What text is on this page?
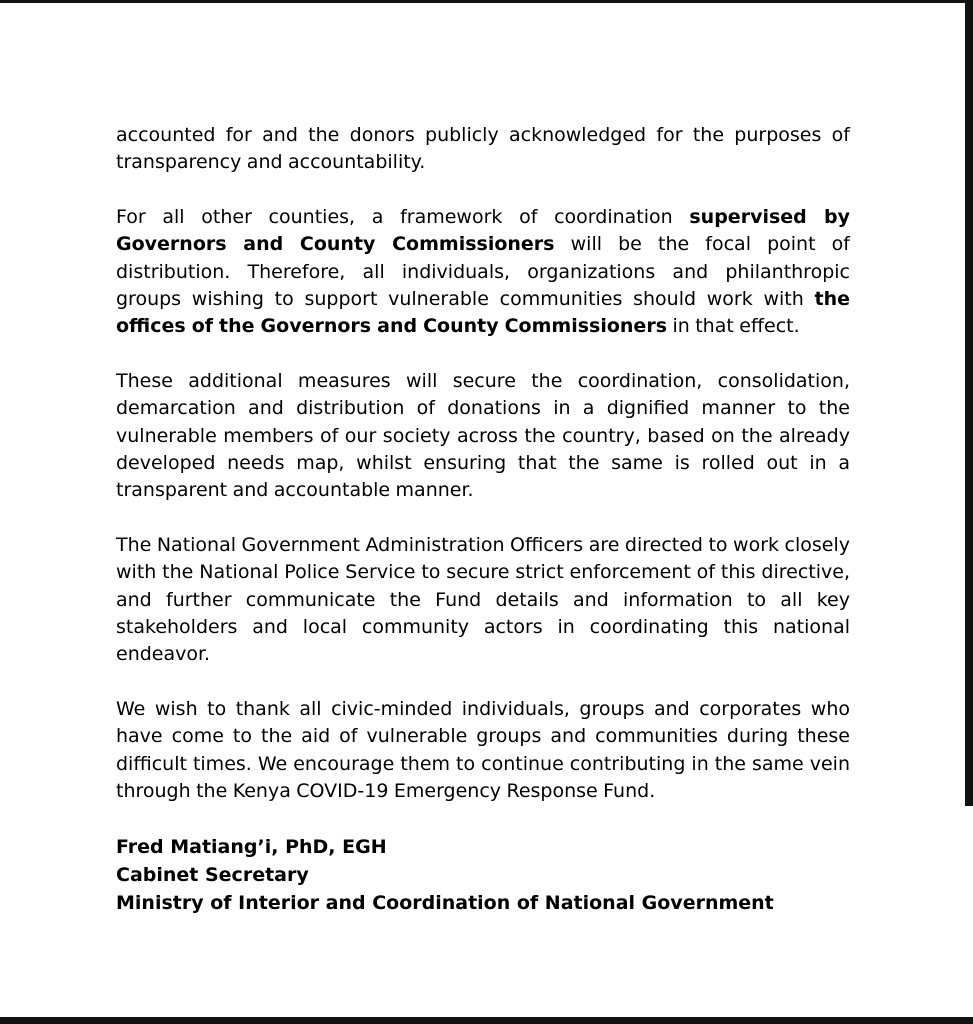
accounted for and the donors publicly acknowledged for the purposes of transparency and accountability.

For all other counties, a framework of coordination supervised by Governors and County Commissioners will be the focal point of distribution. Therefore, all individuals, organizations and philanthropic groups wishing to support vulnerable communities should work with the offices of the Governors and County Commissioners in that effect.

These additional measures will secure the coordination, consolidation, demarcation and distribution of donations in a dignified manner to the vulnerable members of our society across the country, based on the already developed needs map, whilst ensuring that the same is rolled out in a transparent and accountable manner.

The National Government Administration Officers are directed to work closely with the National Police Service to secure strict enforcement of this directive, and further communicate the Fund details and information to all key stakeholders and local community actors in coordinating this national endeavor.

We wish to thank all civic-minded individuals, groups and corporates who have come to the aid of vulnerable groups and communities during these difficult times. We encourage them to continue contributing in the same vein through the Kenya COVID-19 Emergency Response Fund.

Fred Matiang’i, PhD, EGH
Cabinet Secretary
Ministry of Interior and Coordination of National Government
